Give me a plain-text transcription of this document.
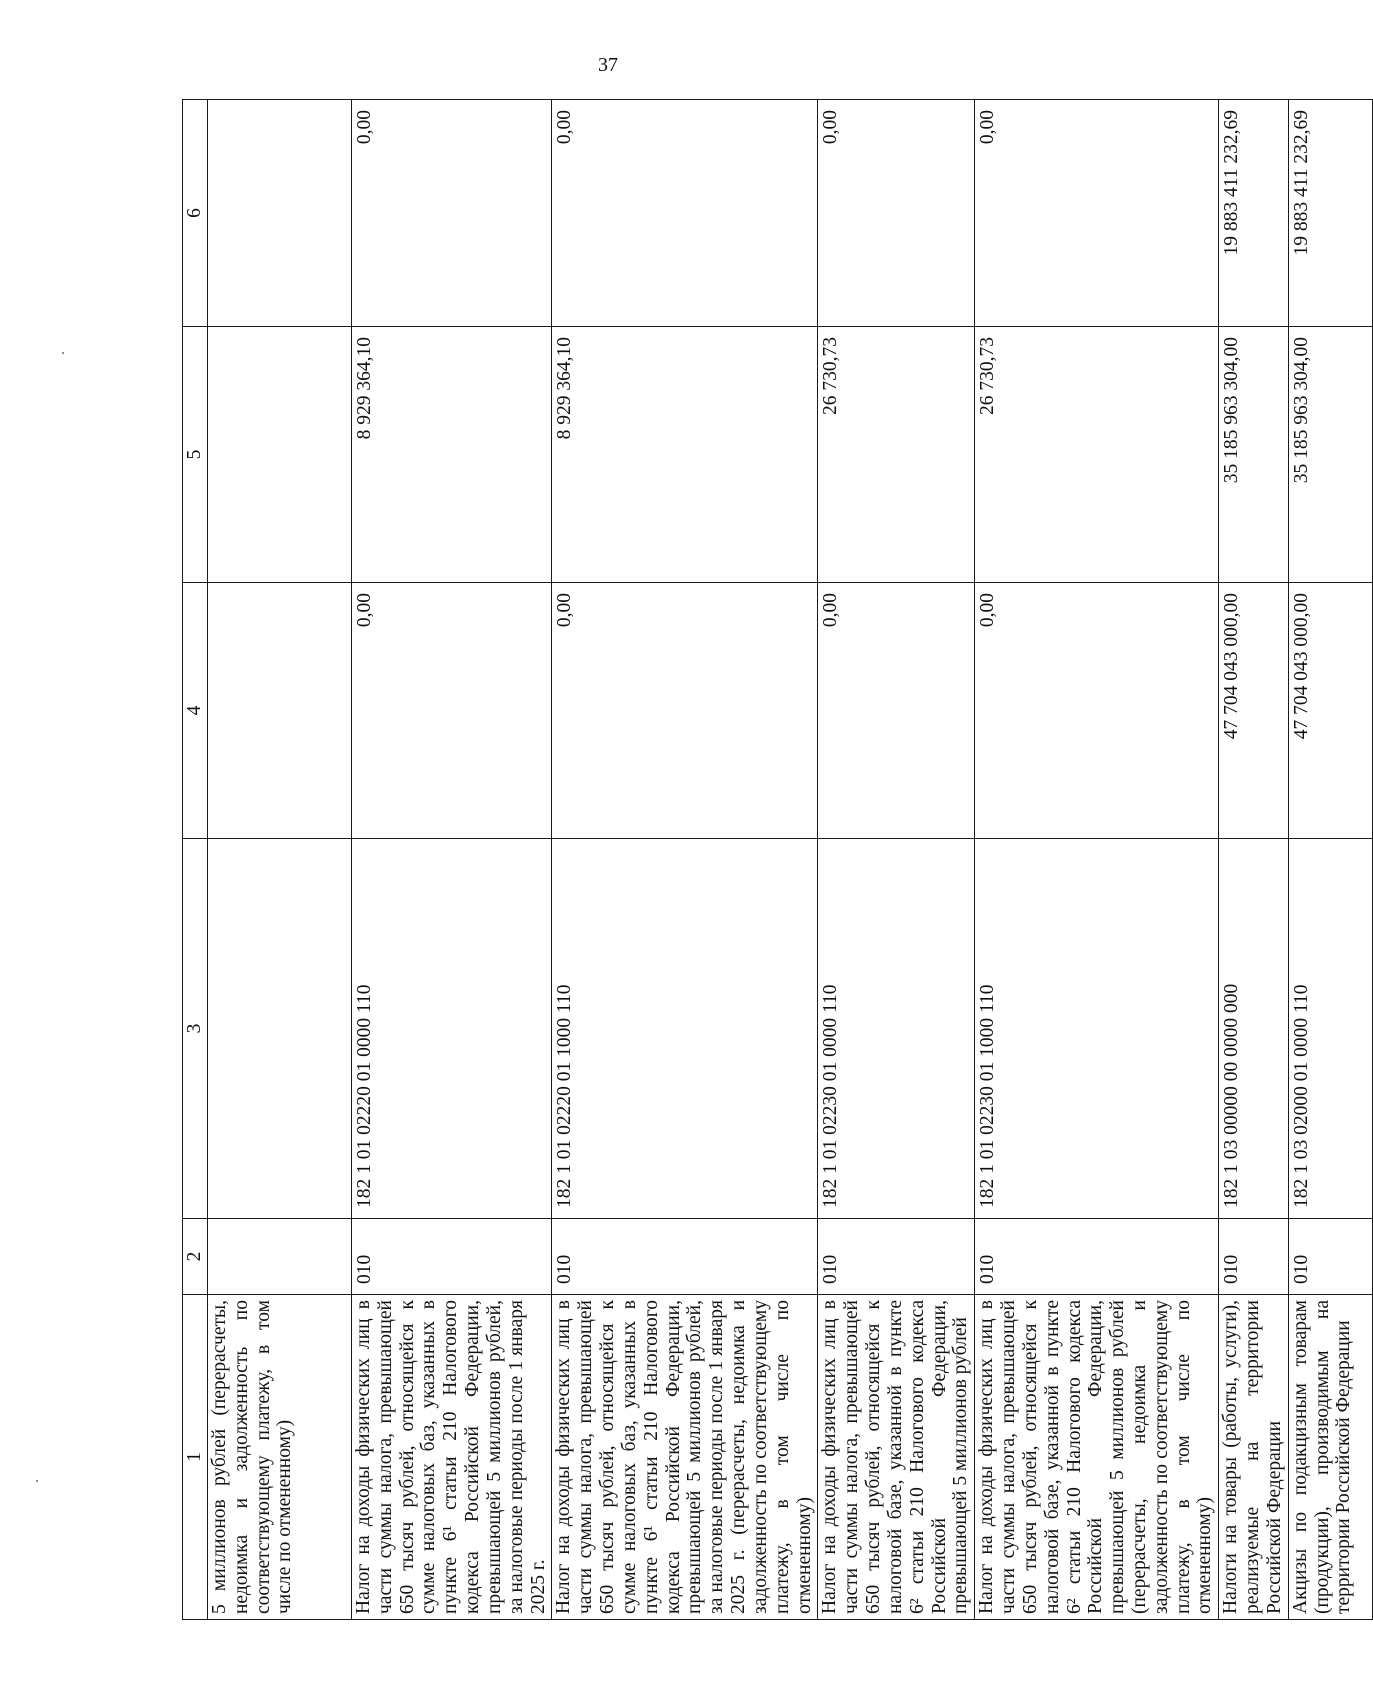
37
1	2	3	4	5	6
5 миллионов рублей (перерасчеты, недоимка и задолженность по соответствующему платежу, в том числе по отмененному)					
Налог на доходы физических лиц в части суммы налога, превышающей 650 тысяч рублей, относящейся к сумме налоговых баз, указанных в пункте 6¹ статьи 210 Налогового кодекса Российской Федерации, превышающей 5 миллионов рублей, за налоговые периоды после 1 января 2025 г.	010	182 1 01 02220 01 0000 110	0,00	8 929 364,10	0,00
Налог на доходы физических лиц в части суммы налога, превышающей 650 тысяч рублей, относящейся к сумме налоговых баз, указанных в пункте 6¹ статьи 210 Налогового кодекса Российской Федерации, превышающей 5 миллионов рублей, за налоговые периоды после 1 января 2025 г. (перерасчеты, недоимка и задолженность по соответствующему платежу, в том числе по отмененному)	010	182 1 01 02220 01 1000 110	0,00	8 929 364,10	0,00
Налог на доходы физических лиц в части суммы налога, превышающей 650 тысяч рублей, относящейся к налоговой базе, указанной в пункте 6² статьи 210 Налогового кодекса Российской Федерации, превышающей 5 миллионов рублей	010	182 1 01 02230 01 0000 110	0,00	26 730,73	0,00
Налог на доходы физических лиц в части суммы налога, превышающей 650 тысяч рублей, относящейся к налоговой базе, указанной в пункте 6² статьи 210 Налогового кодекса Российской Федерации, превышающей 5 миллионов рублей (перерасчеты, недоимка и задолженность по соответствующему платежу, в том числе по отмененному)	010	182 1 01 02230 01 1000 110	0,00	26 730,73	0,00
Налоги на товары (работы, услуги), реализуемые на территории Российской Федерации	010	182 1 03 00000 00 0000 000	47 704 043 000,00	35 185 963 304,00	19 883 411 232,69
Акцизы по подакцизным товарам (продукции), производимым на территории Российской Федерации	010	182 1 03 02000 01 0000 110	47 704 043 000,00	35 185 963 304,00	19 883 411 232,69
